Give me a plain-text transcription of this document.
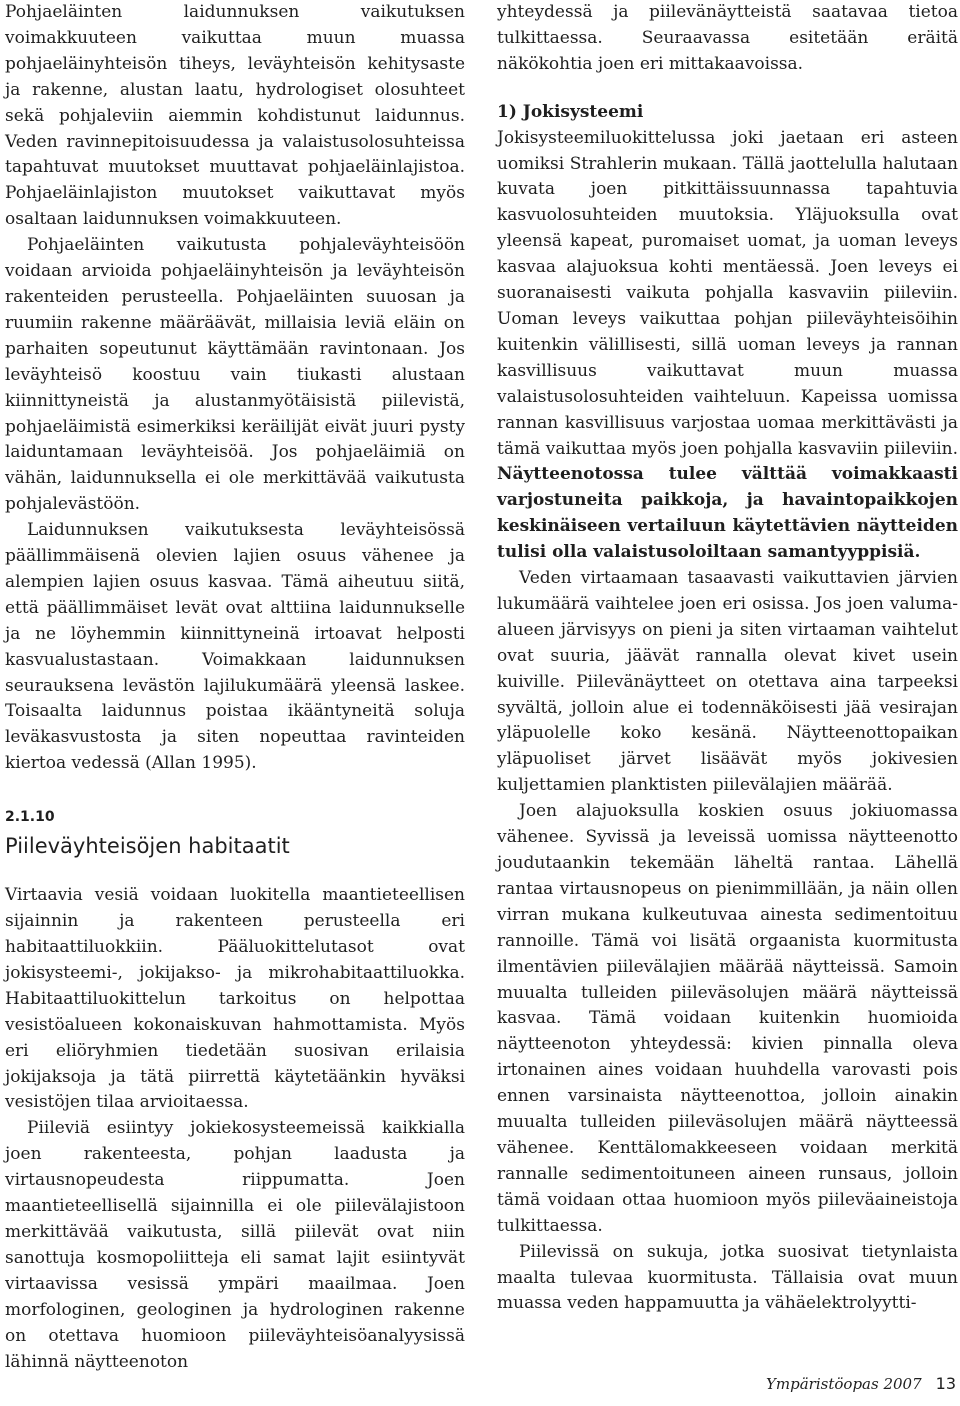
Pohjaeläinten laidunnuksen vaikutuksen voimakkuuteen vaikuttaa muun muassa pohjaeläinyhteisön tiheys, leväyhteisön kehitysaste ja rakenne, alustan laatu, hydrologiset olosuhteet sekä pohjaleviin aiemmin kohdistunut laidunnus. Veden ravinnepitoisuudessa ja valaistusolosuhteissa tapahtuvat muutokset muuttavat pohjaeläinlajistoa. Pohjaeläinlajiston muutokset vaikuttavat myös osaltaan laidunnuksen voimakkuuteen.

Pohjaeläinten vaikutusta pohjaleväyhteisöön voidaan arvioida pohjaeläinyhteisön ja leväyhteisön rakenteiden perusteella. Pohjaeläinten suuosan ja ruumiin rakenne määräävät, millaisia leviä eläin on parhaiten sopeutunut käyttämään ravintonaan. Jos leväyhteisö koostuu vain tiukasti alustaan kiinnittyneistä ja alustanmyötäisistä piilevistä, pohjaeläimistä esimerkiksi keräilijät eivät juuri pysty laiduntamaan leväyhteisöä. Jos pohjaeläimiä on vähän, laidunnuksella ei ole merkittävää vaikutusta pohjalevästöön.

Laidunnuksen vaikutuksesta leväyhteisössä päällimmäisenä olevien lajien osuus vähenee ja alempien lajien osuus kasvaa. Tämä aiheutuu siitä, että päällimmäiset levät ovat alttiina laidunnukselle ja ne löyhemmin kiinnittyneinä irtoavat helposti kasvualustastaan. Voimakkaan laidunnuksen seurauksena levästön lajilukumäärä yleensä laskee. Toisaalta laidunnus poistaa ikääntyneitä soluja leväkasvustosta ja siten nopeuttaa ravinteiden kiertoa vedessä (Allan 1995).

2.1.10
Piileväyhteisöjen habitaatit

Virtaavia vesiä voidaan luokitella maantieteellisen sijainnin ja rakenteen perusteella eri habitaattiluokkiin. Pääluokittelutasot ovat jokisysteemi-, jokijakso- ja mikrohabitaattiluokka. Habitaattiluokittelun tarkoitus on helpottaa vesistöalueen kokonaiskuvan hahmottamista. Myös eri eliöryhmien tiedetään suosivan erilaisia jokijaksoja ja tätä piirrettä käytetäänkin hyväksi vesistöjen tilaa arvioitaessa.

Piileviä esiintyy jokiekosysteemeissä kaikkialla joen rakenteesta, pohjan laadusta ja virtausnopeudesta riippumatta. Joen maantieteellisellä sijainnilla ei ole piilevälajistoon merkittävää vaikutusta, sillä piilevät ovat niin sanottuja kosmopoliitteja eli samat lajit esiintyvät virtaavissa vesissä ympäri maailmaa. Joen morfologinen, geologinen ja hydrologinen rakenne on otettava huomioon piileväyhteisöanalyysissä lähinnä näytteenoton

yhteydessä ja piilevänäytteistä saatavaa tietoa tulkittaessa. Seuraavassa esitetään eräitä näkökohtia joen eri mittakaavoissa.

1) Jokisysteemi

Jokisysteemiluokittelussa joki jaetaan eri asteen uomiksi Strahlerin mukaan. Tällä jaottelulla halutaan kuvata joen pitkittäissuunnassa tapahtuvia kasvuolosuhteiden muutoksia. Yläjuoksulla ovat yleensä kapeat, puromaiset uomat, ja uoman leveys kasvaa alajuoksua kohti mentäessä. Joen leveys ei suoranaisesti vaikuta pohjalla kasvaviin piileviin. Uoman leveys vaikuttaa pohjan piileväyhteisöihin kuitenkin välillisesti, sillä uoman leveys ja rannan kasvillisuus vaikuttavat muun muassa valaistusolosuhteiden vaihteluun. Kapeissa uomissa rannan kasvillisuus varjostaa uomaa merkittävästi ja tämä vaikuttaa myös joen pohjalla kasvaviin piileviin. Näytteenotossa tulee välttää voimakkaasti varjostuneita paikkoja, ja havaintopaikkojen keskinäiseen vertailuun käytettävien näytteiden tulisi olla valaistusoloiltaan samantyyppisiä.

Veden virtaamaan tasaavasti vaikuttavien järvien lukumäärä vaihtelee joen eri osissa. Jos joen valuma-alueen järvisyys on pieni ja siten virtaaman vaihtelut ovat suuria, jäävät rannalla olevat kivet usein kuiville. Piilevänäytteet on otettava aina tarpeeksi syvältä, jolloin alue ei todennäköisesti jää vesirajan yläpuolelle koko kesänä. Näytteenottopaikan yläpuoliset järvet lisäävät myös jokivesien kuljettamien planktisten piilevälajien määrää.

Joen alajuoksulla koskien osuus jokiuomassa vähenee. Syvissä ja leveissä uomissa näytteenotto joudutaankin tekemään läheltä rantaa. Lähellä rantaa virtausnopeus on pienimmillään, ja näin ollen virran mukana kulkeutuvaa ainesta sedimentoituu rannoille. Tämä voi lisätä orgaanista kuormitusta ilmentävien piilevälajien määrää näytteissä. Samoin muualta tulleiden piileväsolujen määrä näytteissä kasvaa. Tämä voidaan kuitenkin huomioida näytteenoton yhteydessä: kivien pinnalla oleva irtonainen aines voidaan huuhdella varovasti pois ennen varsinaista näytteenottoa, jolloin ainakin muualta tulleiden piileväsolujen määrä näytteessä vähenee. Kenttälomakkeeseen voidaan merkitä rannalle sedimentoituneen aineen runsaus, jolloin tämä voidaan ottaa huomioon myös piileväaineistoja tulkittaessa.

Piilevissä on sukuja, jotka suosivat tietynlaista maalta tulevaa kuormitusta. Tällaisia ovat muun muassa veden happamuutta ja vähäelektrolyytti-

Ympäristöopas 2007 13
